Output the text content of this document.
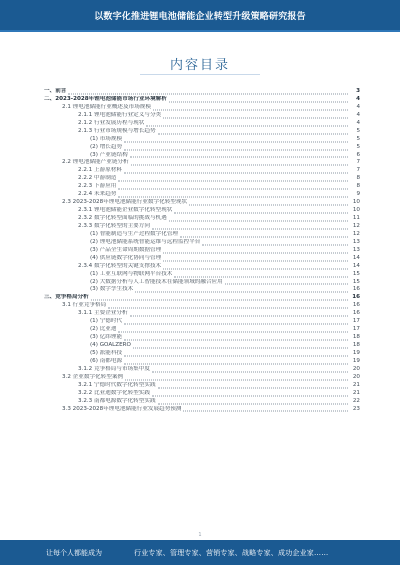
以数字化推进锂电池储能企业转型升级策略研究报告
内容目录
一、前言	3
二、2023-2028年锂电池储能市场行业环境解析	4
2.1 锂电池储能行业概述及市场规模	4
2.1.1 锂电池储能行业定义与分类	4
2.1.2 行业发展历程与现状	4
2.1.3 行业市场规模与增长趋势	5
(1) 市场规模	5
(2) 增长趋势	5
(3) 产业链结构	6
2.2 锂电池储能产业链分析	7
2.2.1 上游原材料	7
2.2.2 中游制造	8
2.2.3 下游应用	8
2.2.4 未来趋势	9
2.3 2023-2028年锂电池储能行业数字化转型现状	10
2.3.1 锂电池储能企业数字化转型现状	10
2.3.2 数字化转型面临的挑战与机遇	11
2.3.3 数字化转型的主要方向	12
(1) 智能制造与生产过程数字化管理	12
(2) 锂电池储能系统智能运维与远程监控平台	13
(3) 产品全生命周期数据管理	13
(4) 供应链数字化协同与管理	14
2.3.4 数字化转型的关键支撑技术	14
(1) 工业互联网与物联网平台技术	15
(2) 大数据分析与人工智能技术在储能领域的融合应用	15
(3) 数字孪生技术	16
三、竞争格局分析	16
3.1 行业竞争格局	16
3.1.1 主要企业分析	16
(1) 宁德时代	17
(2) 比亚迪	17
(3) 亿纬锂能	18
(4) GOALZERO	18
(5) 派能科技	19
(6) 南都电源	19
3.1.2 竞争格局与市场集中度	20
3.2 企业数字化转型案例	20
3.2.1 宁德时代数字化转型实践	21
3.2.2 比亚迪数字化转型实践	21
3.2.3 南都电源数字化转型实践	22
3.3 2023-2028年锂电池储能行业发展趋势预测	23
1
让每个人都能成为	行业专家、管理专家、营销专家、战略专家、成功企业家……
